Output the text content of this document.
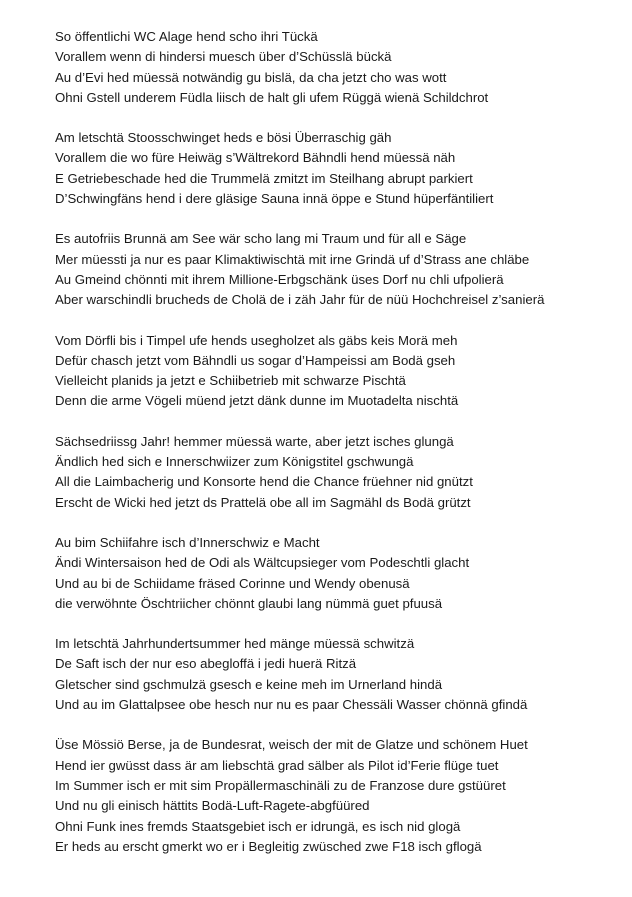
So öffentlichi WC Alage hend scho ihri Tückä
Vorallem wenn di hindersi muesch über d’Schüsslä bückä
Au d’Evi hed müessä notwändig gu bislä, da cha jetzt cho was wott
Ohni Gstell underem Füdla liisch de halt gli ufem Rüggä wienä Schildchrot
Am letschtä Stoosschwinget heds e bösi Überraschig gäh
Vorallem die wo füre Heiwäg s’Wältrekord Bähndli hend müessä näh
E Getriebeschade hed die Trummelä zmitzt im Steilhang abrupt parkiert
D’Schwingfäns hend i dere gläsige Sauna innä öppe e Stund hüperfäntiliert
Es autofriis Brunnä am See wär scho lang mi Traum und für all e Säge
Mer müessti ja nur es paar Klimaktiwischtä mit irne Grindä uf d’Strass ane chläbe
Au Gmeind chönnti mit ihrem Millione-Erbgschänk üses Dorf nu chli ufpolierä
Aber warschindli brucheds de Cholä de i zäh Jahr für de nüü Hochchreisel z’sanierä
Vom Dörfli bis i Timpel ufe hends usegholzet als gäbs keis Morä meh
Defür chasch jetzt vom Bähndli us sogar d’Hampeissi am Bodä gseh
Vielleicht planids ja jetzt e Schiibetrieb mit schwarze Pischtä
Denn die arme Vögeli müend jetzt dänk dunne im Muotadelta nischtä
Sächsedriissg Jahr! hemmer müessä warte, aber jetzt isches glungä
Ändlich hed sich e Innerschwiizer zum Königstitel gschwungä
All die Laimbacherig und Konsorte hend die Chance früehner nid gnützt
Erscht de Wicki hed jetzt ds Prattelä obe all im Sagmähl ds Bodä grützt
Au bim Schiifahre isch d’Innerschwiz e Macht
Ändi Wintersaison hed de Odi als Wältcupsieger vom Podeschtli glacht
Und au bi de Schiidame fräsed Corinne und Wendy obenusä
die verwöhnte Öschtriicher chönnt glaubi lang nümmä guet pfuusä
Im letschtä Jahrhundertsummer hed mänge müessä schwitzä
De Saft isch der nur eso abegloffä i jedi huerä Ritzä
Gletscher sind gschmulzä gsesch e keine meh im Urnerland hindä
Und au im Glattalpsee obe hesch nur nu es paar Chessäli Wasser chönnä gfindä
Üse Mössiö Berse, ja de Bundesrat, weisch der mit de Glatze und schönem Huet
Hend ier gwüsst dass är am liebschtä grad sälber als Pilot id’Ferie flüge tuet
Im Summer isch er mit sim Propällermaschinäli zu de Franzose dure gstüüret
Und nu gli einisch hättits Bodä-Luft-Ragete-abgfüüred
Ohni Funk ines fremds Staatsgebiet isch er idrungä, es isch nid glogä
Er heds au erscht gmerkt wo er i Begleitig zwüsched zwe F18 isch gflogä
